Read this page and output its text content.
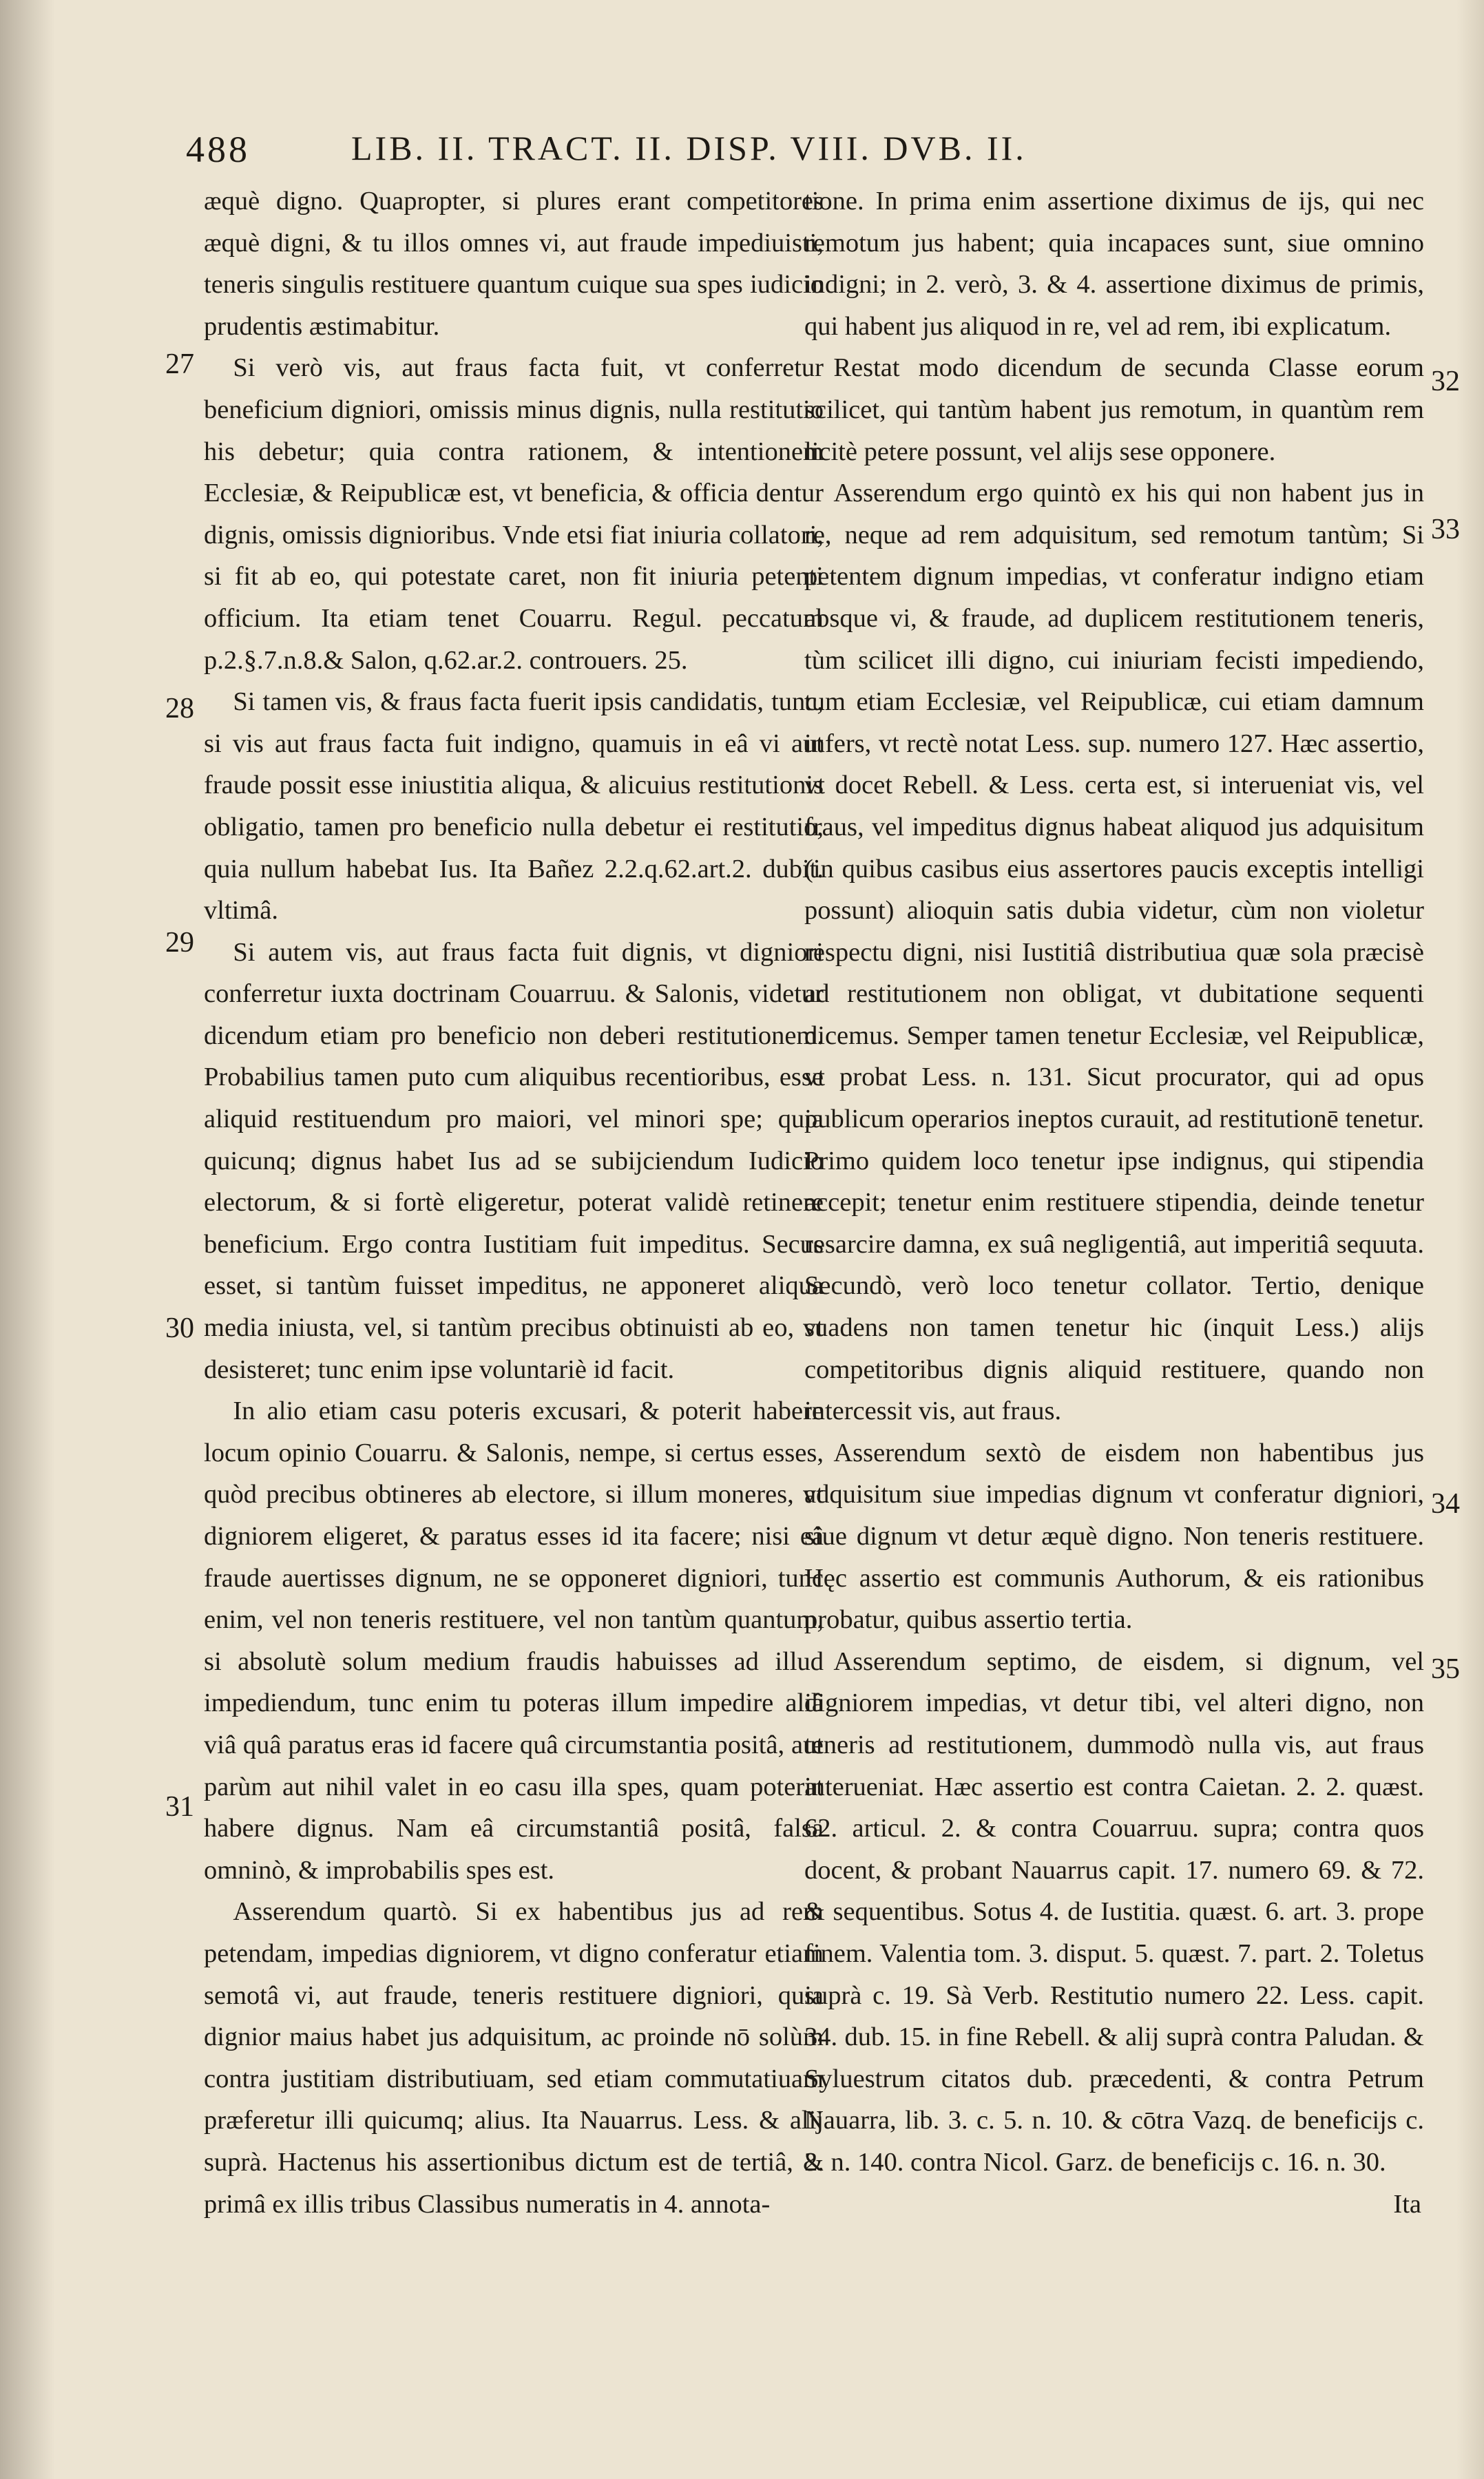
488	LIB. II. TRACT. II. DISP. VIII. DVB. II.

æquè digno. Quapropter, si plures erant competitores æquè digni, & tu illos omnes vi, aut fraude impediuisti, teneris singulis restituere quantum cuique sua spes iudicio prudentis æstimabitur.

Si verò vis, aut fraus facta fuit, vt conferretur beneficium digniori, omissis minus dignis, nulla restitutio his debetur; quia contra rationem, & intentionem Ecclesiæ, & Reipublicæ est, vt beneficia, & officia dentur dignis, omissis dignioribus. Vnde etsi fiat iniuria collatori, si fit ab eo, qui potestate caret, non fit iniuria petenti officium. Ita etiam tenet Couarru. Regul. peccatum p.2.§.7.n.8.& Salon, q.62.ar.2. controuers. 25.

Si tamen vis, & fraus facta fuerit ipsis candidatis, tunc, si vis aut fraus facta fuit indigno, quamuis in eâ vi aut fraude possit esse iniustitia aliqua, & alicuius restitutionis obligatio, tamen pro beneficio nulla debetur ei restitutio, quia nullum habebat Ius. Ita Bañez 2.2.q.62.art.2. dubit. vltimâ.

Si autem vis, aut fraus facta fuit dignis, vt digniori conferretur iuxta doctrinam Couarruu. & Salonis, videtur dicendum etiam pro beneficio non deberi restitutionem. Probabilius tamen puto cum aliquibus recentioribus, esse aliquid restituendum pro maiori, vel minori spe; quia quicunq; dignus habet Ius ad se subijciendum Iudicio electorum, & si fortè eligeretur, poterat validè retinere beneficium. Ergo contra Iustitiam fuit impeditus. Secus esset, si tantùm fuisset impeditus, ne apponeret aliqua media iniusta, vel, si tantùm precibus obtinuisti ab eo, vt desisteret; tunc enim ipse voluntariè id facit.

In alio etiam casu poteris excusari, & poterit habere locum opinio Couarru. & Salonis, nempe, si certus esses, quòd precibus obtineres ab electore, si illum moneres, vt digniorem eligeret, & paratus esses id ita facere; nisi eâ fraude auertisses dignum, ne se opponeret digniori, tunc enim, vel non teneris restituere, vel non tantùm quantum, si absolutè solum medium fraudis habuisses ad illud impediendum, tunc enim tu poteras illum impedire aliâ viâ quâ paratus eras id facere quâ circumstantia positâ, aut parùm aut nihil valet in eo casu illa spes, quam poterat habere dignus. Nam eâ circumstantiâ positâ, falsa omninò, & improbabilis spes est.

Asserendum quartò. Si ex habentibus jus ad rem petendam, impedias digniorem, vt digno conferatur etiam semotâ vi, aut fraude, teneris restituere digniori, quia dignior maius habet jus adquisitum, ac proinde nō solùm contra justitiam distributiuam, sed etiam commutatiuam præferetur illi quicumq; alius. Ita Nauarrus. Less. & alij suprà. Hactenus his assertionibus dictum est de tertiâ, & primâ ex illis tribus Classibus numeratis in 4. annota-

tione. In prima enim assertione diximus de ijs, qui nec remotum jus habent; quia incapaces sunt, siue omnino indigni; in 2. verò, 3. & 4. assertione diximus de primis, qui habent jus aliquod in re, vel ad rem, ibi explicatum.

Restat modo dicendum de secunda Classe eorum scilicet, qui tantùm habent jus remotum, in quantùm rem licitè petere possunt, vel alijs sese opponere.

Asserendum ergo quintò ex his qui non habent jus in re, neque ad rem adquisitum, sed remotum tantùm; Si petentem dignum impedias, vt conferatur indigno etiam absque vi, & fraude, ad duplicem restitutionem teneris, tùm scilicet illi digno, cui iniuriam fecisti impediendo, tum etiam Ecclesiæ, vel Reipublicæ, cui etiam damnum infers, vt rectè notat Less. sup. numero 127. Hæc assertio, vt docet Rebell. & Less. certa est, si interueniat vis, vel fraus, vel impeditus dignus habeat aliquod jus adquisitum (in quibus casibus eius assertores paucis exceptis intelligi possunt) alioquin satis dubia videtur, cùm non violetur respectu digni, nisi Iustitiâ distributiua quæ sola præcisè ad restitutionem non obligat, vt dubitatione sequenti dicemus. Semper tamen tenetur Ecclesiæ, vel Reipublicæ, vt probat Less. n. 131. Sicut procurator, qui ad opus publicum operarios ineptos curauit, ad restitutionē tenetur. Primo quidem loco tenetur ipse indignus, qui stipendia accepit; tenetur enim restituere stipendia, deinde tenetur resarcire damna, ex suâ negligentiâ, aut imperitiâ sequuta. Secundò, verò loco tenetur collator. Tertio, denique suadens non tamen tenetur hic (inquit Less.) alijs competitoribus dignis aliquid restituere, quando non intercessit vis, aut fraus.

Asserendum sextò de eisdem non habentibus jus adquisitum siue impedias dignum vt conferatur digniori, siue dignum vt detur æquè digno. Non teneris restituere. Hęc assertio est communis Authorum, & eis rationibus probatur, quibus assertio tertia.

Asserendum septimo, de eisdem, si dignum, vel digniorem impedias, vt detur tibi, vel alteri digno, non teneris ad restitutionem, dummodò nulla vis, aut fraus interueniat. Hæc assertio est contra Caietan. 2. 2. quæst. 62. articul. 2. & contra Couarruu. supra; contra quos docent, & probant Nauarrus capit. 17. numero 69. & 72. & sequentibus. Sotus 4. de Iustitia. quæst. 6. art. 3. prope finem. Valentia tom. 3. disput. 5. quæst. 7. part. 2. Toletus suprà c. 19. Sà Verb. Restitutio numero 22. Less. capit. 34. dub. 15. in fine Rebell. & alij suprà contra Paludan. & Syluestrum citatos dub. præcedenti, & contra Petrum Nauarra, lib. 3. c. 5. n. 10. & cōtra Vazq. de beneficijs c. 2. n. 140. contra Nicol. Garz. de beneficijs c. 16. n. 30.

Ita
27
28
29
30
31
32
33
34
35
